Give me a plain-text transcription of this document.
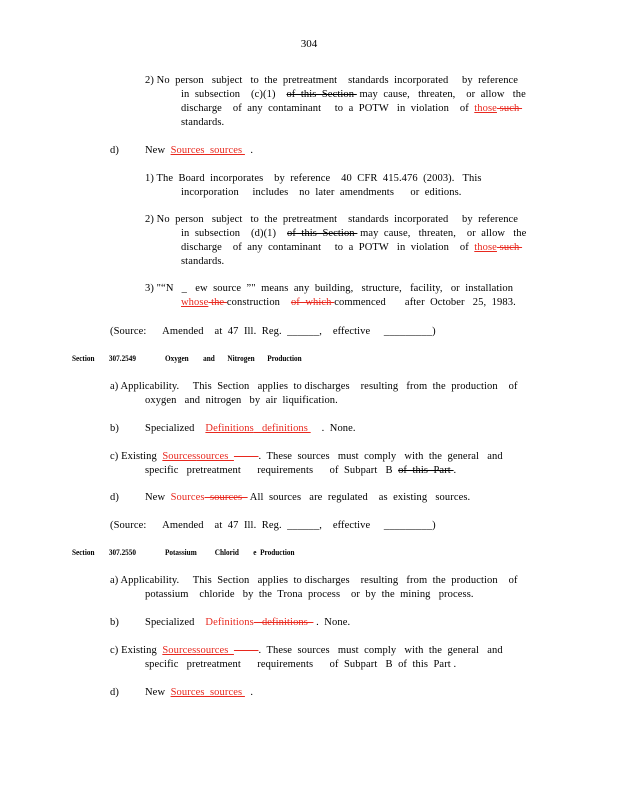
304
2) No  person   subject   to  the  pretreatment    standards  incorporated     by  reference
in  subsection    (c)(1)    of  this  Section  may  cause,   threaten,    or  allow   the
discharge    of  any  contaminant     to  a  POTW   in  violation    of  those such
standards.
d) New  Sources  sources   .
1) The  Board  incorporates    by  reference    40  CFR  415.476  (2003).   This
incorporation     includes    no  later  amendments      or  editions.
2) No  person   subject   to  the  pretreatment    standards  incorporated     by  reference
in  subsection    (d)(1)    of  this  Section  may  cause,   threaten,    or  allow   the
discharge    of  any  contaminant     to  a  POTW   in  violation    of  those such
standards.
3) "“N   _   ew  source  ”"  means  any  building,   structure,   facility,   or  installation
whose the construction    of  which commenced       after  October   25,  1983.
(Source:      Amended    at  47  Ill.  Reg.  ______,    effective     _________)
Section        307.2549	Oxygen        and       Nitrogen       Production
a) Applicability.     This  Section   applies  to discharges    resulting   from  the  production    of
oxygen   and  nitrogen   by  air  liquification.
b) Specialized    Definitions   definitions     .  None.
c) Existing  Sourcessources           .  These  sources   must  comply   with  the  general   and
specific   pretreatment      requirements      of  Subpart   B  of  this  Part .
d) New  Sources  sources   All  sources   are  regulated    as  existing   sources.
(Source:      Amended    at  47  Ill.  Reg.  ______,    effective     _________)
Section        307.2550	Potassium          Chlorid        e  Production
a) Applicability.     This  Section   applies  to discharges    resulting   from  the  production    of
potassium    chloride   by  the  Trona  process    or  by  the  mining   process.
b) Specialized    Definitions   definitions   .  None.
c) Existing  Sourcessources           .  These  sources   must  comply   with  the  general   and
specific   pretreatment      requirements      of  Subpart   B  of  this  Part .
d) New  Sources  sources   .
